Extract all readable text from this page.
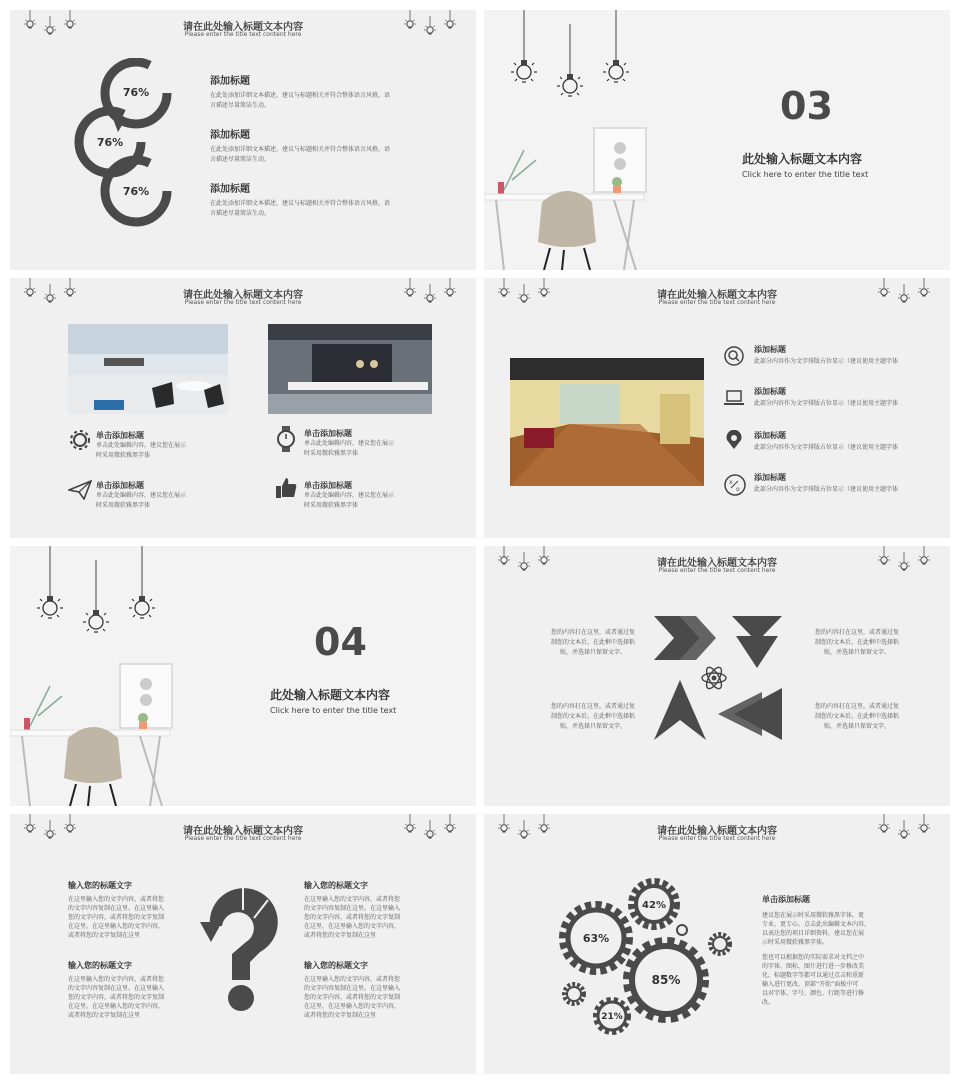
请在此处输入标题文本内容
Please enter the title text content here
76%
76%
76%
添加标题
在此处添加详细文本描述，建议与标题相关并符合整体语言风格，语
言描述尽量简洁生动。
添加标题
在此处添加详细文本描述，建议与标题相关并符合整体语言风格，语
言描述尽量简洁生动。
添加标题
在此处添加详细文本描述，建议与标题相关并符合整体语言风格，语
言描述尽量简洁生动。
03
此处输入标题文本内容
Click here to enter the title text
请在此处输入标题文本内容
Please enter the title text content here
单击添加标题
单击此处编辑内容，建议您在展示
时采用微软雅黑字体
单击添加标题
单击此处编辑内容，建议您在展示
时采用微软雅黑字体
单击添加标题
单击此处编辑内容，建议您在展示
时采用微软雅黑字体
单击添加标题
单击此处编辑内容，建议您在展示
时采用微软雅黑字体
请在此处输入标题文本内容
Please enter the title text content here
添加标题
此部分内容作为文字排版占位显示（建议使用主题字体
添加标题
此部分内容作为文字排版占位显示（建议使用主题字体
添加标题
此部分内容作为文字排版占位显示（建议使用主题字体
x
o
添加标题
此部分内容作为文字排版占位显示（建议使用主题字体
04
此处输入标题文本内容
Click here to enter the title text
请在此处输入标题文本内容
Please enter the title text content here
您的内容打在这里，或者通过复
制您的文本后，在此框中选择粘
贴，并选择只保留文字。
您的内容打在这里，或者通过复
制您的文本后，在此框中选择粘
贴，并选择只保留文字。
您的内容打在这里，或者通过复
制您的文本后，在此框中选择粘
贴，并选择只保留文字。
您的内容打在这里，或者通过复
制您的文本后，在此框中选择粘
贴，并选择只保留文字。
请在此处输入标题文本内容
Please enter the title text content here
输入您的标题文字
在这里输入您的文字内容，或者将您
的文字内容复制在这里。在这里输入
您的文字内容，或者将您的文字复制
在这里，在这里输入您的文字内容，
或者将您的文字复制在这里
输入您的标题文字
在这里输入您的文字内容，或者将您
的文字内容复制在这里。在这里输入
您的文字内容，或者将您的文字复制
在这里，在这里输入您的文字内容，
或者将您的文字复制在这里
输入您的标题文字
在这里输入您的文字内容，或者将您
的文字内容复制在这里。在这里输入
您的文字内容，或者将您的文字复制
在这里，在这里输入您的文字内容，
或者将您的文字复制在这里
输入您的标题文字
在这里输入您的文字内容，或者将您
的文字内容复制在这里。在这里输入
您的文字内容，或者将您的文字复制
在这里，在这里输入您的文字内容，
或者将您的文字复制在这里
请在此处输入标题文本内容
Please enter the title text content here
42%
63%
85%
21%
单击添加标题
建议您在展示时采用微软雅黑字体，更
专业，更专心。点击此出编辑文本内容，
以表达您的项目详细资料，建议您在展
示时采用微软雅黑字体。
您也可以根据您的实际需求对文档之中
的字体、图标、图片进行进一步修改美
化，标题数字等都可以通过点击和重新
输入进行更改，顶部“开始”面板中可
以对字体、字号、颜色、行距等进行修
改。
